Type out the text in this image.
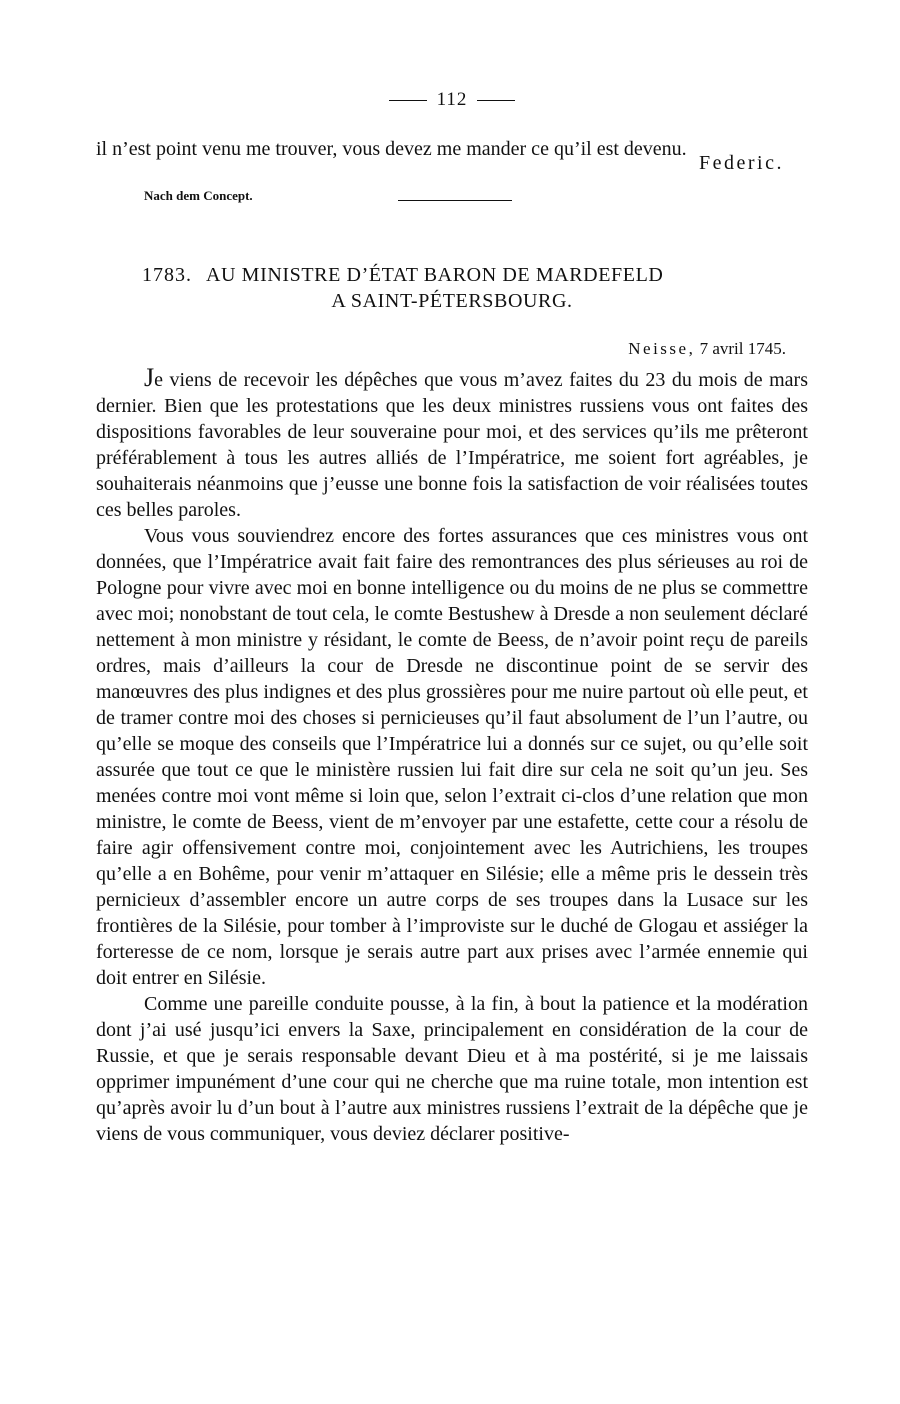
112
il n’est point venu me trouver, vous devez me mander ce qu’il est devenu.
Federic.
Nach dem Concept.
1783. AU MINISTRE D’ÉTAT BARON DE MARDEFELD
A SAINT-PÉTERSBOURG.
Neisse, 7 avril 1745.

Je viens de recevoir les dépêches que vous m’avez faites du 23 du mois de mars dernier. Bien que les protestations que les deux ministres russiens vous ont faites des dispositions favorables de leur souveraine pour moi, et des services qu’ils me prêteront préférablement à tous les autres alliés de l’Impératrice, me soient fort agréables, je souhaiterais néanmoins que j’eusse une bonne fois la satisfaction de voir réalisées toutes ces belles paroles.

Vous vous souviendrez encore des fortes assurances que ces ministres vous ont données, que l’Impératrice avait fait faire des remontrances des plus sérieuses au roi de Pologne pour vivre avec moi en bonne intelligence ou du moins de ne plus se commettre avec moi; nonobstant de tout cela, le comte Bestushew à Dresde a non seulement déclaré nettement à mon ministre y résidant, le comte de Beess, de n’avoir point reçu de pareils ordres, mais d’ailleurs la cour de Dresde ne discontinue point de se servir des manœuvres des plus indignes et des plus grossières pour me nuire partout où elle peut, et de tramer contre moi des choses si pernicieuses qu’il faut absolument de l’un l’autre, ou qu’elle se moque des conseils que l’Impératrice lui a donnés sur ce sujet, ou qu’elle soit assurée que tout ce que le ministère russien lui fait dire sur cela ne soit qu’un jeu. Ses menées contre moi vont même si loin que, selon l’extrait ci-clos d’une relation que mon ministre, le comte de Beess, vient de m’envoyer par une estafette, cette cour a résolu de faire agir offensivement contre moi, conjointement avec les Autrichiens, les troupes qu’elle a en Bohême, pour venir m’attaquer en Silésie; elle a même pris le dessein très pernicieux d’assembler encore un autre corps de ses troupes dans la Lusace sur les frontières de la Silésie, pour tomber à l’improviste sur le duché de Glogau et assiéger la forteresse de ce nom, lorsque je serais autre part aux prises avec l’armée ennemie qui doit entrer en Silésie.

Comme une pareille conduite pousse, à la fin, à bout la patience et la modération dont j’ai usé jusqu’ici envers la Saxe, principalement en considération de la cour de Russie, et que je serais responsable devant Dieu et à ma postérité, si je me laissais opprimer impunément d’une cour qui ne cherche que ma ruine totale, mon intention est qu’après avoir lu d’un bout à l’autre aux ministres russiens l’extrait de la dépêche que je viens de vous communiquer, vous deviez déclarer positive-
